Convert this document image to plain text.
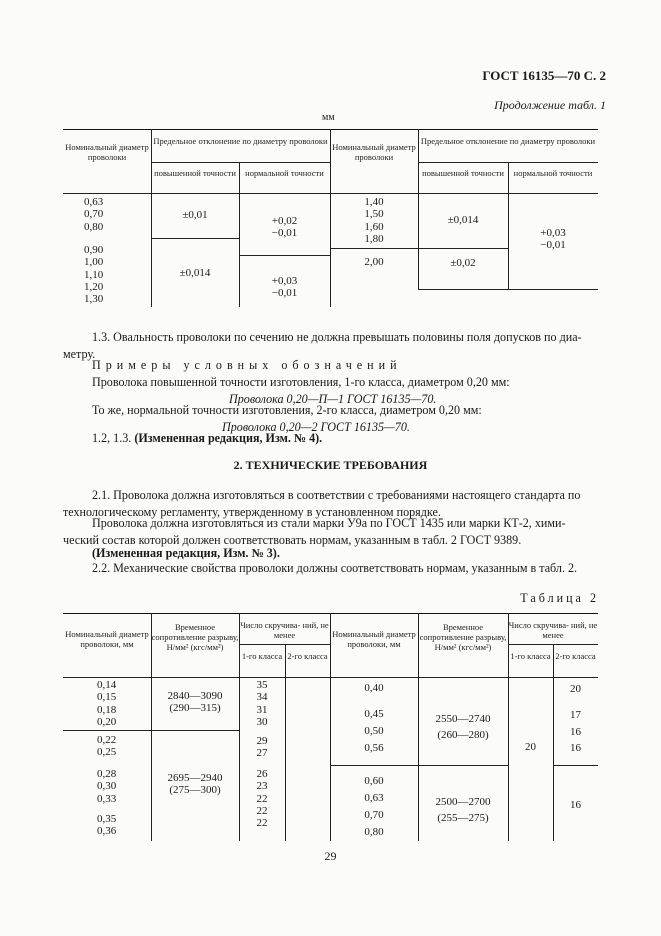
ГОСТ 16135—70 С. 2
Продолжение табл. 1
мм
Номинальный диаметр проволоки
Предельное отклонение по диаметру проволоки
повышенной точности	нормальной точности
Номинальный диаметр проволоки
Предельное отклонение по диаметру проволоки
повышенной точности	нормальной точности
0,63
0,70
0,80
0,90
1,00
1,10
1,20
1,30
±0,01
±0,014
+0,02
−0,01
+0,03
−0,01
1,40
1,50
1,60
1,80
2,00
±0,014
±0,02
+0,03
−0,01
1.3. Овальность проволоки по сечению не должна превышать половины поля допусков по диа-
метру.
Примеры условных обозначений
Проволока повышенной точности изготовления, 1-го класса, диаметром 0,20 мм:
Проволока 0,20—П—1 ГОСТ 16135—70.
То же, нормальной точности изготовления, 2-го класса, диаметром 0,20 мм:
Проволока 0,20—2 ГОСТ 16135—70.
1.2, 1.3. (Измененная редакция, Изм. № 4).
2. ТЕХНИЧЕСКИЕ ТРЕБОВАНИЯ
2.1. Проволока должна изготовляться в соответствии с требованиями настоящего стандарта по
технологическому регламенту, утвержденному в установленном порядке.
Проволока должна изготовляться из стали марки У9а по ГОСТ 1435 или марки КТ-2, хими-
ческий состав которой должен соответствовать нормам, указанным в табл. 2 ГОСТ 9389.
(Измененная редакция, Изм. № 3).
2.2. Механические свойства проволоки должны соответствовать нормам, указанным в табл. 2.
Таблица 2
Номинальный диаметр проволоки, мм
Временное сопротивление разрыву, Н/мм² (кгс/мм²)
Число скручива- ний, не менее
1-го класса 2-го класса
Номинальный диаметр проволоки, мм
Временное сопротивление разрыву, Н/мм² (кгс/мм²)
Число скручива- ний, не менее
1-го класса 2-го класса
0,14
0,15
0,18
0,20
0,22
0,25
0,28
0,30
0,33
0,35
0,36
2840—3090
(290—315)
2695—2940
(275—300)
35
34
31
30
29
27
26
23
22
22
22
0,40
0,45
0,50
0,56
0,60
0,63
0,70
0,80
2550—2740
(260—280)
2500—2700
(255—275)
20
20
17
16
16
16
29
